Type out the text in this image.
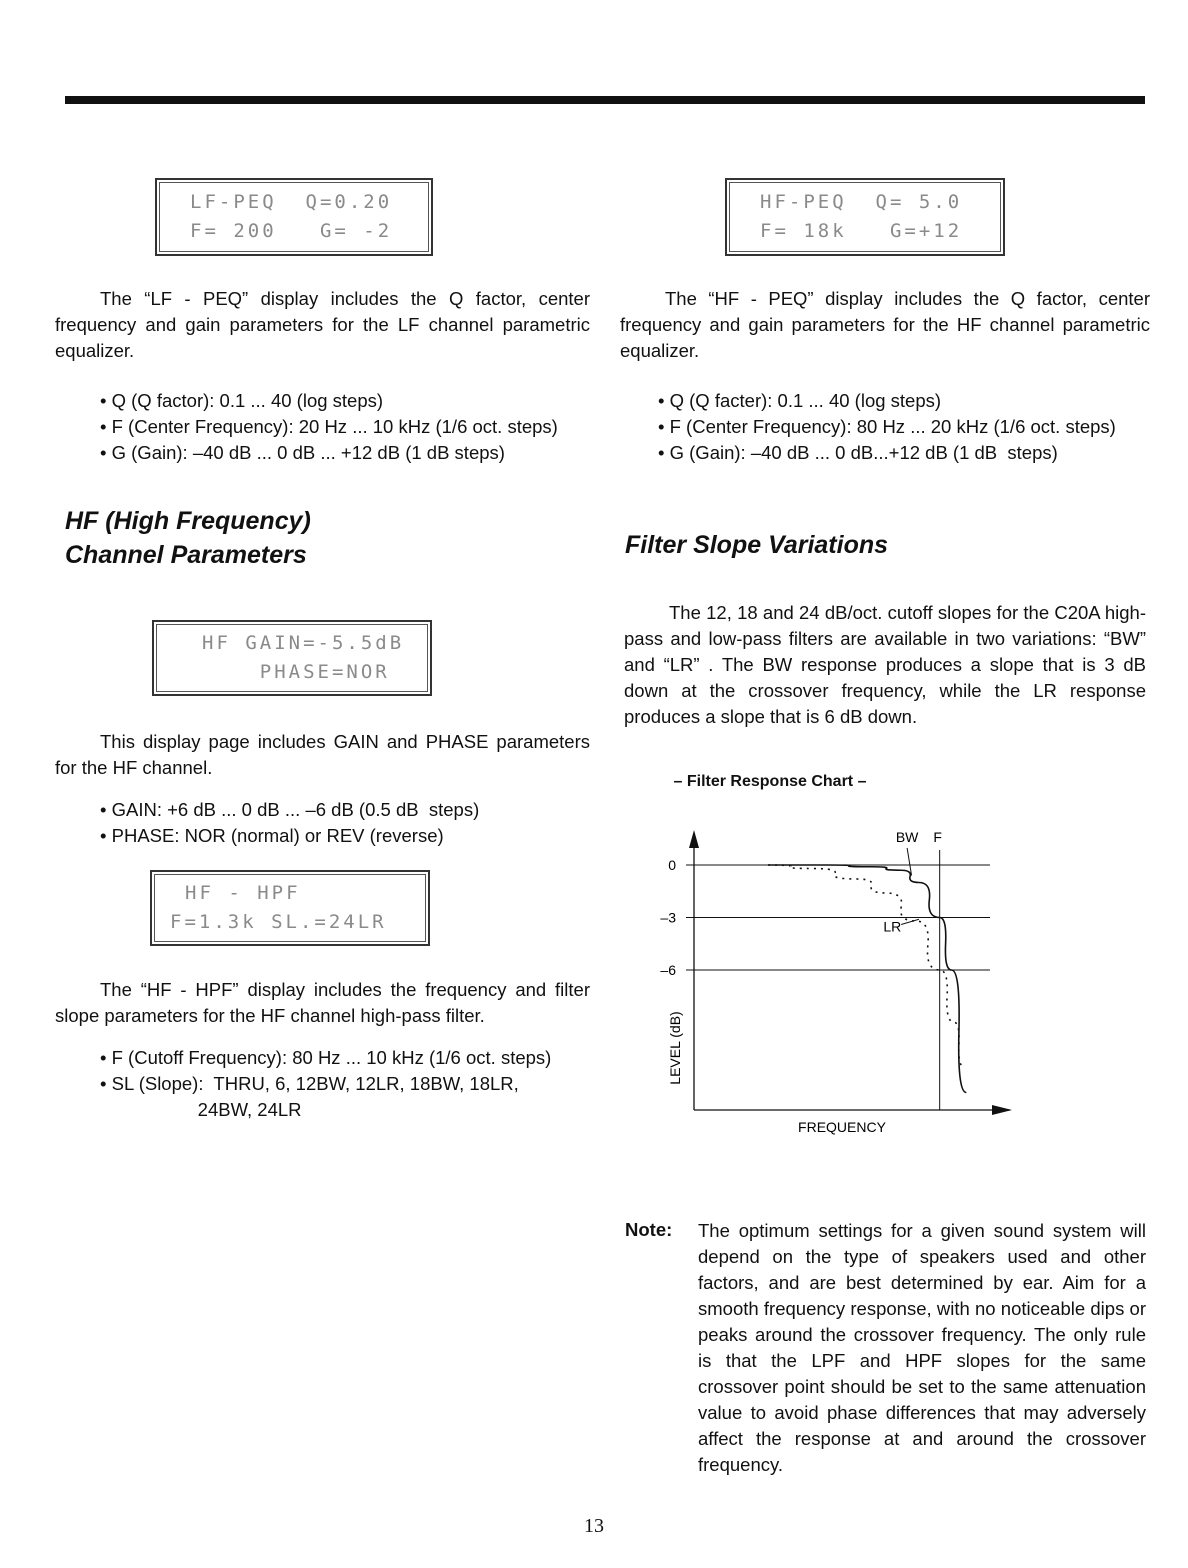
LF-PEQ  Q=0.20
F= 200   G= -2

The “LF - PEQ” display includes the Q factor, center frequency and gain parameters for the LF channel parametric equalizer.

• Q (Q factor): 0.1 ... 40 (log steps)
• F (Center Frequency): 20 Hz ... 10 kHz (1/6 oct. steps)
• G (Gain): –40 dB ... 0 dB ... +12 dB (1 dB steps)
HF (High Frequency)
Channel Parameters
HF GAIN=-5.5dB
PHASE=NOR

This display page includes GAIN and PHASE parameters for the HF channel.

• GAIN: +6 dB ... 0 dB ... –6 dB (0.5 dB  steps)
• PHASE: NOR (normal) or REV (reverse)
HF - HPF
F=1.3k SL.=24LR

The “HF - HPF” display includes the frequency and filter slope parameters for the HF channel high-pass filter.

• F (Cutoff Frequency): 80 Hz ... 10 kHz (1/6 oct. steps)
• SL (Slope):  THRU, 6, 12BW, 12LR, 18BW, 18LR,
24BW, 24LR
HF-PEQ  Q= 5.0
F= 18k   G=+12

The “HF - PEQ” display includes the Q factor, center frequency and gain parameters for the HF channel parametric equalizer.

• Q (Q facter): 0.1 ... 40 (log steps)
• F (Center Frequency): 80 Hz ... 20 kHz (1/6 oct. steps)
• G (Gain): –40 dB ... 0 dB...+12 dB (1 dB  steps)
Filter Slope Variations

The 12, 18 and 24 dB/oct. cutoff slopes for the C20A high-pass and low-pass filters are available in two variations: “BW” and “LR” . The BW response produces a slope that is 3 dB down at the crossover frequency, while the LR response produces a slope that is 6 dB down.

– Filter Response Chart –
0
–3
–6
F
BW
LR
FREQUENCY
LEVEL (dB)
Note: The optimum settings for a given sound system will depend on the type of speakers used and other factors, and are best determined by ear. Aim for a smooth frequency response, with no noticeable dips or peaks around the crossover frequency. The only rule is that the LPF and HPF slopes for the same crossover point should be set to the same attenuation value to avoid phase differences that may adversely affect the response at and around the crossover frequency.
13
